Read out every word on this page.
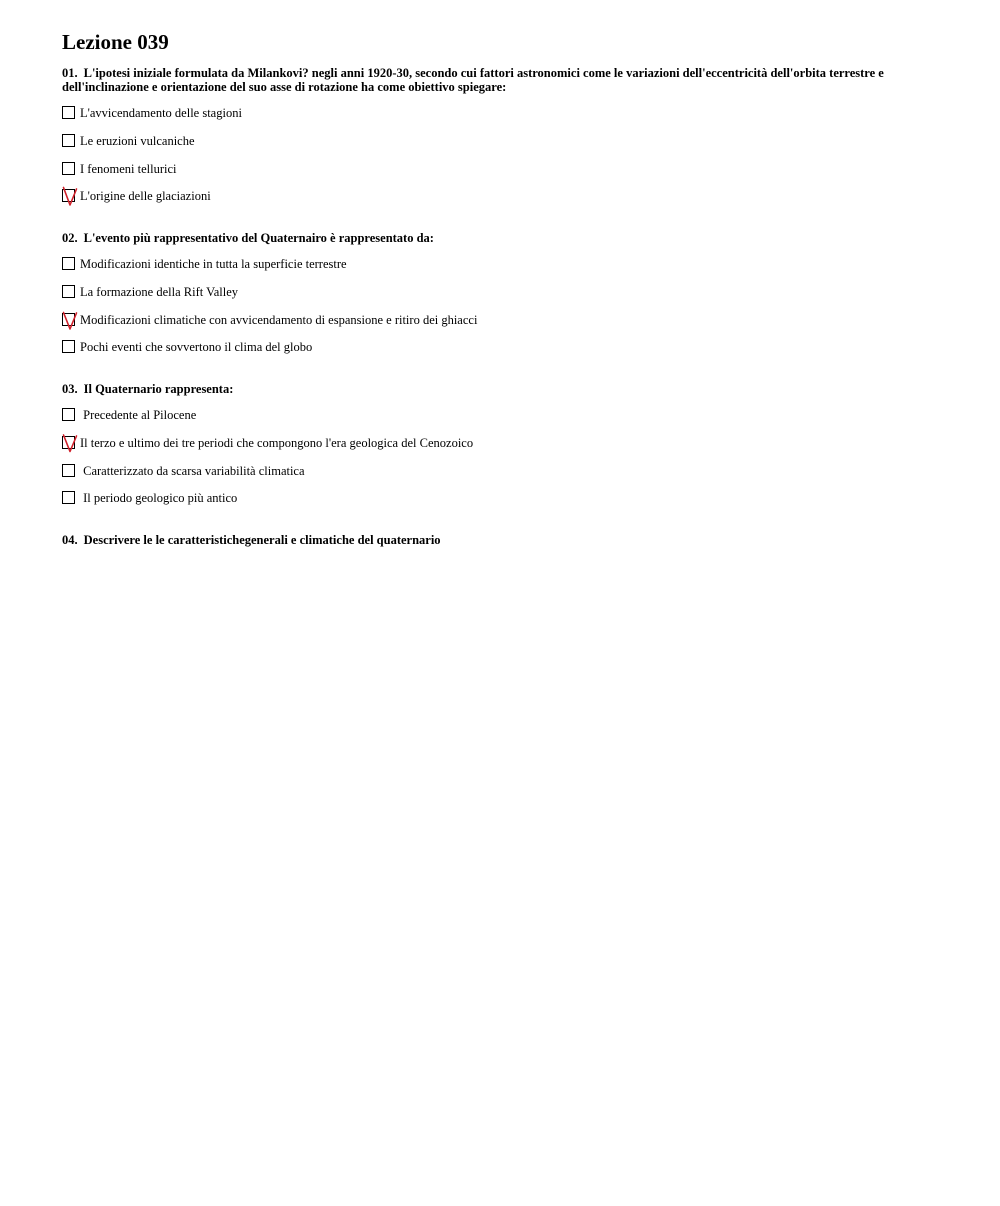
Lezione 039

01. L'ipotesi iniziale formulata da Milankovi? negli anni 1920-30, secondo cui fattori astronomici come le variazioni dell'eccentricità dell'orbita terrestre e dell'inclinazione e orientazione del suo asse di rotazione ha come obiettivo spiegare:

L'avvicendamento delle stagioni
Le eruzioni vulcaniche
I fenomeni tellurici
L'origine delle glaciazioni

02. L'evento più rappresentativo del Quaternairo è rappresentato da:

Modificazioni identiche in tutta la superficie terrestre
La formazione della Rift Valley
Modificazioni climatiche con avvicendamento di espansione e ritiro dei ghiacci
Pochi eventi che sovvertono il clima del globo

03. Il Quaternario rappresenta:

Precedente al Pilocene
Il terzo e ultimo dei tre periodi che compongono l'era geologica del Cenozoico
Caratterizzato da scarsa variabilità climatica
Il periodo geologico più antico

04. Descrivere le le caratteristichegenerali e climatiche del quaternario
